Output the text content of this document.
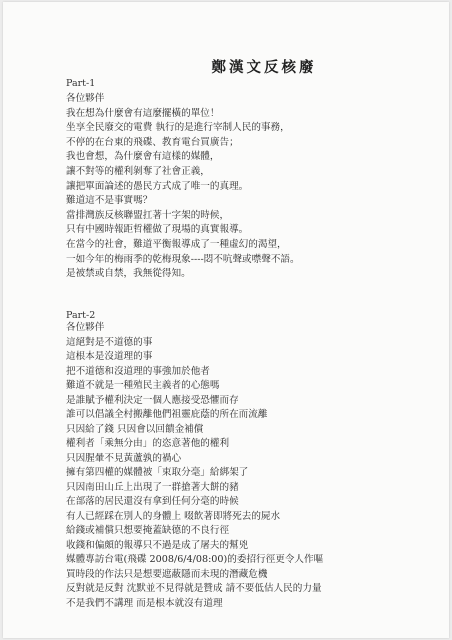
鄭漢文反核廢
Part-1
各位夥伴
我在想為什麼會有這麼擺橫的單位！
坐享全民廢交的電費 執行的是進行宰制人民的事務，
不停的在台東的飛碟、教育電台買廣告；
我也會想，為什麼會有這樣的媒體，
讓不對等的權利剝奪了社會正義，
讓把單面論述的愚民方式成了唯一的真理。
難道這不是事實嗎？
當排灣族反核聯盟扛著十字架的時候，
只有中國時報距哲權做了現場的真實報導。
在當今的社會，難道平衡報導成了一種虛幻的渴望，
一如今年的梅雨季的乾梅現象----悶不吭聲或噤聲不語。
是被禁或自禁，我無從得知。
Part-2
各位夥伴
這絕對是不道德的事
這根本是沒道理的事
把不道德和沒道理的事強加於他者
難道不就是一種殖民主義者的心態嗎
是誰賦予權利決定一個人應接受恐懼而存
誰可以倡議全村搬離他們祖靈庇蔭的所在而流離
只因給了錢 只因會以回饋金補償
權利者「乘無分由」的恣意著他的權利
只因腥暈不見黃蘆孰的禍心
擁有第四權的媒體被「束取分毫」給綁架了
只因南田山丘上出現了一群搶著大餅的豬
在部落的居民還沒有拿到任何分毫的時候
有人已經踩在別人的身體上 啜飲著即將死去的屍水
給錢或補償只想要掩蓋缺德的不良行徑
收錢和偏頗的報導只不過是成了屠夫的幫兇
媒體專訪台電(飛碟 2008/6/4/08:00)的委招行徑更令人作嘔
買時段的作法只是想要遮蔽隱而未現的潛藏危機
反對就是反對 沈默並不見得就是贊成 請不要低估人民的力量
不是我們不講理 而是根本就沒有道理
